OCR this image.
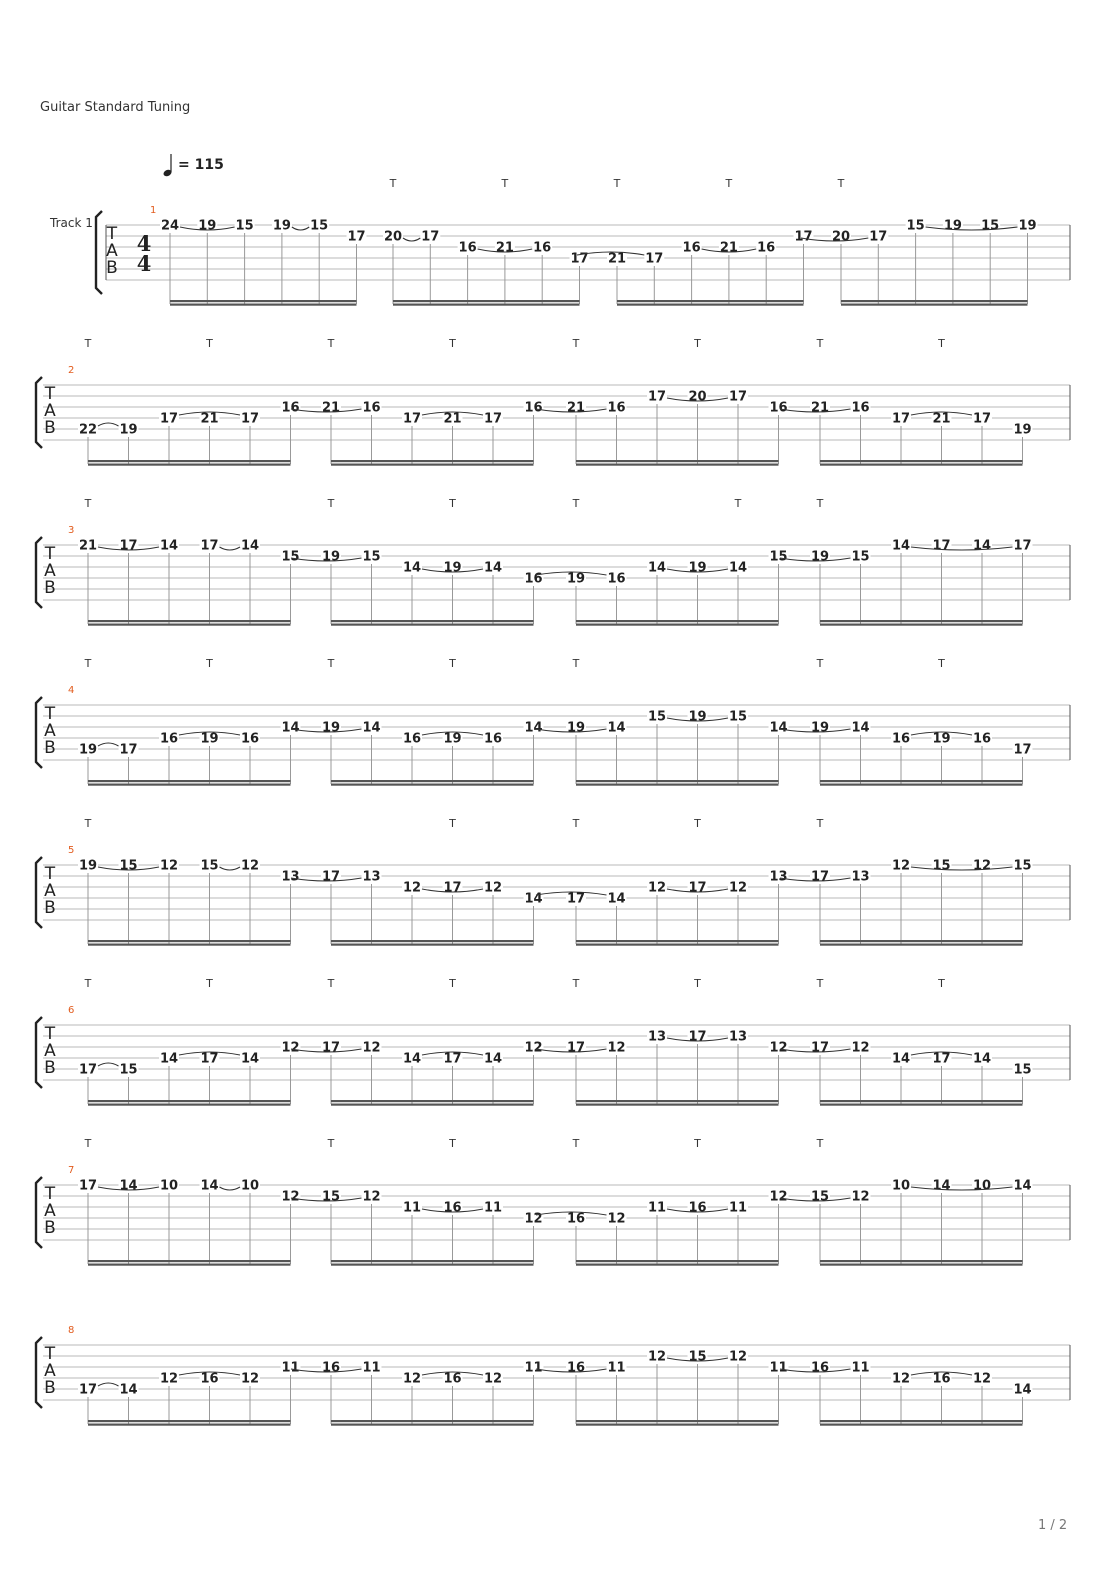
Guitar Standard Tuning
= 115
Track 1
1 / 2
T
A
B
4
4
1
T	T	T	T	T
24 19 15 19 15
17 20 17
16 21 16
17 21 17
16 21 16
17 20 17
15 19 15 19
T
A
B
2
T	T	T	T	T	T	T	T
22 19
17 21 17
16 21 16
17 21 17
16 21 16
17 20 17
16 21 16
17 21 17
19
T
A
B
3
T	T	T	T	T	T
21 17 14 17 14
15 19 15
14 19 14
16 19 16
14 19 14
15 19 15
14 17 14 17
T
A
B
4
T	T	T	T	T	T	T
19 17
16 19 16
14 19 14
16 19 16
14 19 14
15 19 15
14 19 14
16 19 16
17
T
A
B
5
T	T	T	T	T
19 15 12 15 12
13 17 13
12 17 12
14 17 14
12 17 12
13 17 13
12 15 12 15
T
A
B
6
T	T	T	T	T	T	T	T
17 15
14 17 14
12 17 12
14 17 14
12 17 12
13 17 13
12 17 12
14 17 14
15
T
A
B
7
T	T	T	T	T	T
17 14 10 14 10
12 15 12
11 16 11
12 16 12
11 16 11
12 15 12
10 14 10 14
T
A
B
8
17 14
12 16 12
11 16 11
12 16 12
11 16 11
12 15 12
11 16 11
12 16 12
14
